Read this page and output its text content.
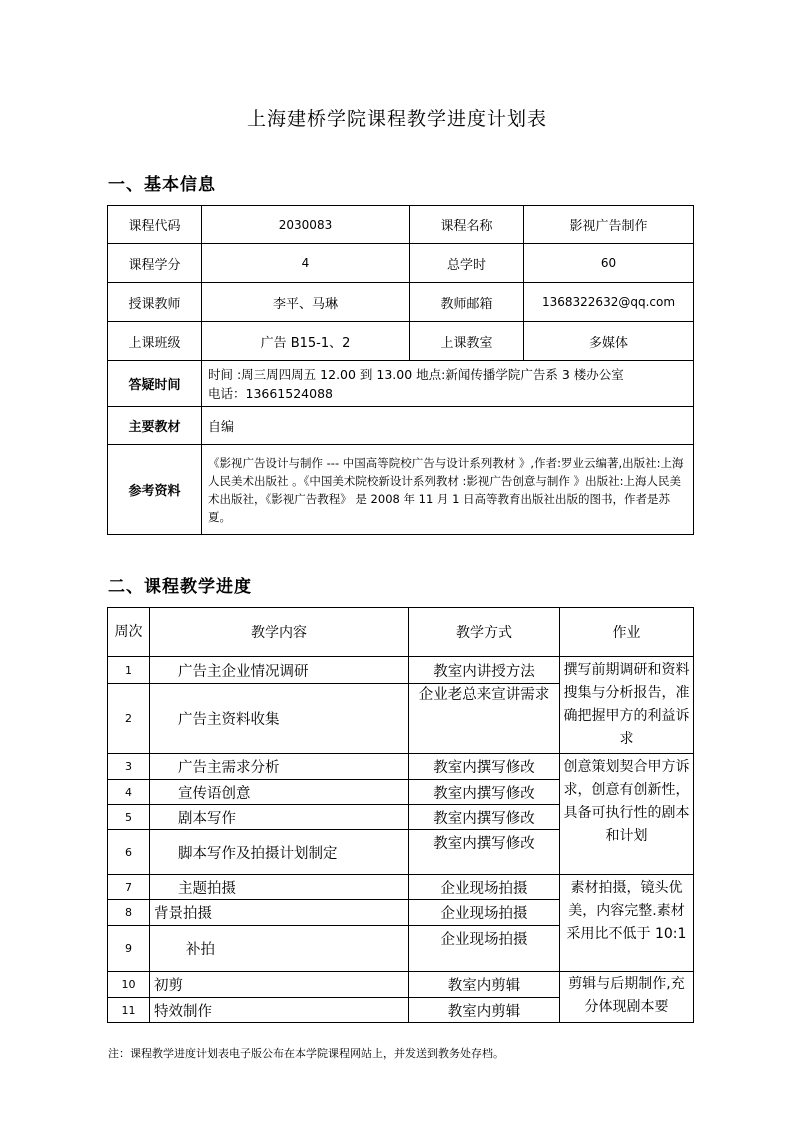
上海建桥学院课程教学进度计划表
一、基本信息
课程代码	2030083	课程名称	影视广告制作
课程学分	4	总学时	60
授课教师	李平、马琳	教师邮箱	1368322632@qq.com
上课班级	广告 B15-1、2	上课教室	多媒体
答疑时间	时间 :周三周四周五 12.00 到 13.00 地点:新闻传播学院广告系 3 楼办公室
电话：13661524088		

主要教材	自编		
参考资料	《影视广告设计与制作 --- 中国高等院校广告与设计系列教材 》,作者:罗业云编著,出版社:上海人民美术出版社 。《中国美术院校新设计系列教材 :影视广告创意与制作 》出版社:上海人民美术出版社，《影视广告教程》 是 2008 年 11 月 1 日高等教育出版社出版的图书，作者是苏夏。		
二、课程教学进度
周次	教学内容	教学方式	作业
1	广告主企业情况调研	教室内讲授方法	撰写前期调研和资料搜集与分析报告，准确把握甲方的利益诉求
2	广告主资料收集	企业老总来宣讲需求	
3	广告主需求分析	教室内撰写修改	创意策划契合甲方诉求，创意有创新性，具备可执行性的剧本和计划
4	宣传语创意	教室内撰写修改	
5	剧本写作	教室内撰写修改	
6	脚本写作及拍摄计划制定	教室内撰写修改	
7	主题拍摄	企业现场拍摄	素材拍摄，镜头优美，内容完整.素材采用比不低于 10:1
8	背景拍摄	企业现场拍摄	
9	补拍	企业现场拍摄	
10	初剪	教室内剪辑	剪辑与后期制作,充分体现剧本要
11	特效制作	教室内剪辑	
注：课程教学进度计划表电子版公布在本学院课程网站上，并发送到教务处存档。
